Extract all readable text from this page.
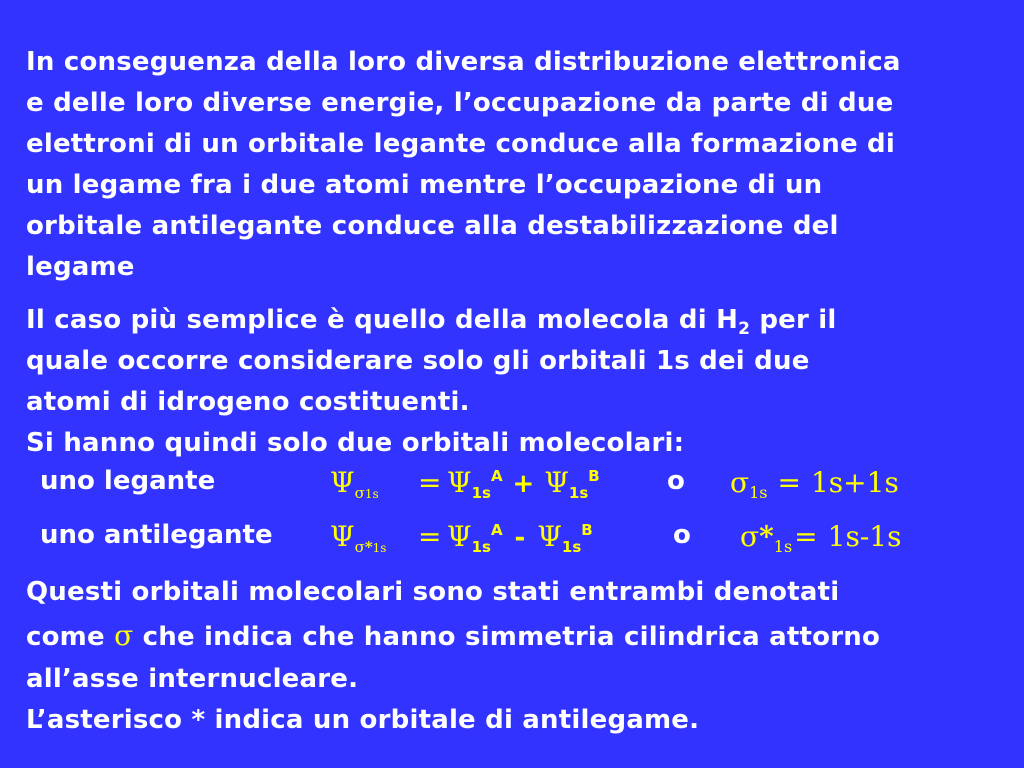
In conseguenza della loro diversa distribuzione elettronica
e delle loro diverse energie, l’occupazione da parte di due
elettroni di un orbitale legante conduce alla formazione di
un legame fra i due atomi mentre l’occupazione di un
orbitale antilegante conduce alla destabilizzazione del
legame
Il caso più semplice è quello della molecola di $H_2$ per il
quale occorre considerare solo gli orbitali 1s dei due
atomi di idrogeno costituenti.
Si hanno quindi solo due orbitali molecolari:
uno legante	$\Psi_{\sigma 1s} = \Psi_{1s}^A + \Psi_{1s}^B$	o $\sigma_{1s} = 1s+1s$
uno antilegante $\Psi_{\sigma*1s} = \Psi_{1s}^A - \Psi_{1s}^B$	o $\sigma*_{1s}= 1s-1s$
Questi orbitali molecolari sono stati entrambi denotati
come σ che indica che hanno simmetria cilindrica attorno
all’asse internucleare.
L’asterisco * indica un orbitale di antilegame.
